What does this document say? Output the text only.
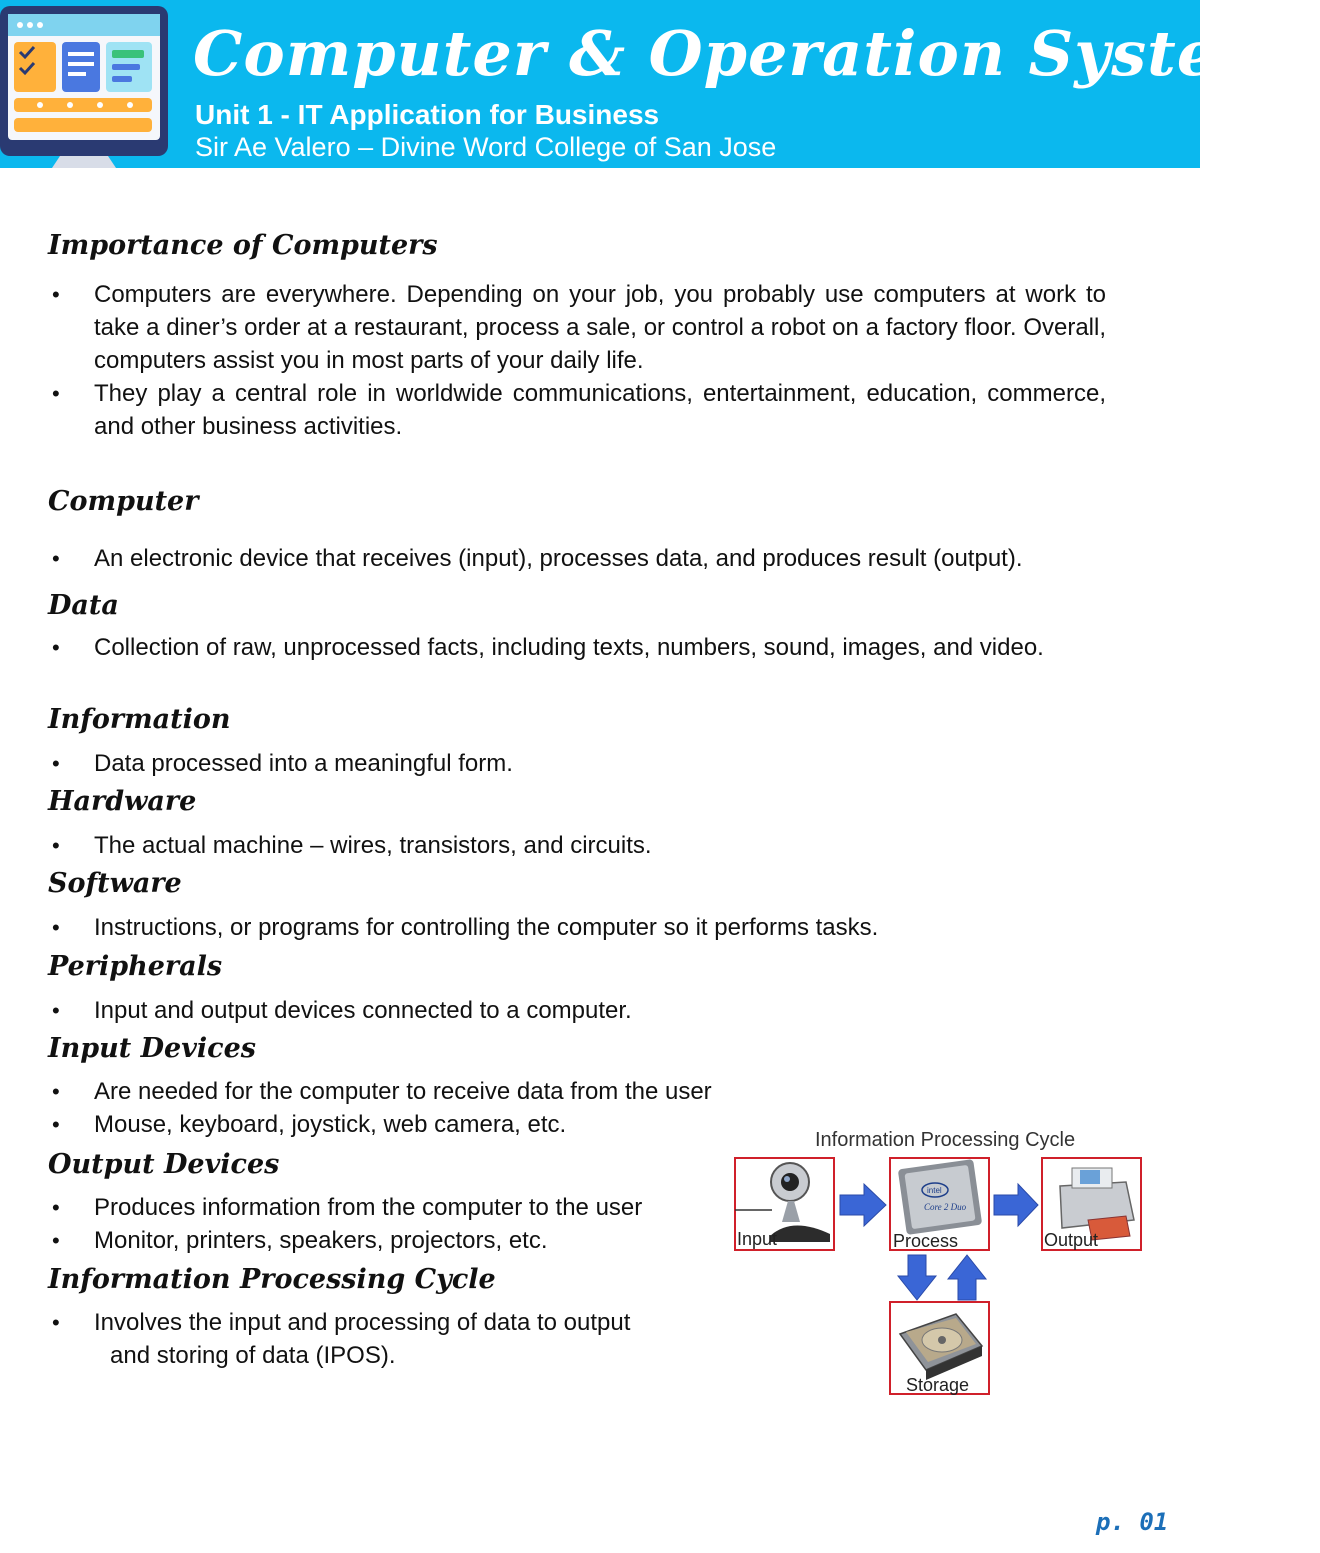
Computer & Operation Systems
Unit 1 - IT Application for Business
Sir Ae Valero – Divine Word College of San Jose
Importance of Computers
• Computers are everywhere. Depending on your job, you probably use computers at work to take a diner’s order at a restaurant, process a sale, or control a robot on a factory floor. Overall, computers assist you in most parts of your daily life.
• They play a central role in worldwide communications, entertainment, education, commerce, and other business activities.
Computer
• An electronic device that receives (input), processes data, and produces result (output).
Data
• Collection of raw, unprocessed facts, including texts, numbers, sound, images, and video.
Information
• Data processed into a meaningful form.
Hardware
• The actual machine – wires, transistors, and circuits.
Software
• Instructions, or programs for controlling the computer so it performs tasks.
Peripherals
• Input and output devices connected to a computer.
Input Devices
• Are needed for the computer to receive data from the user
• Mouse, keyboard, joystick, web camera, etc.
Output Devices
• Produces information from the computer to the user
• Monitor, printers, speakers, projectors, etc.
Information Processing Cycle
• Involves the input and processing of data to output
and storing of data (IPOS).
Information Processing Cycle
Input
intel
Core 2 Duo
Process	Output
Storage
p. 01
